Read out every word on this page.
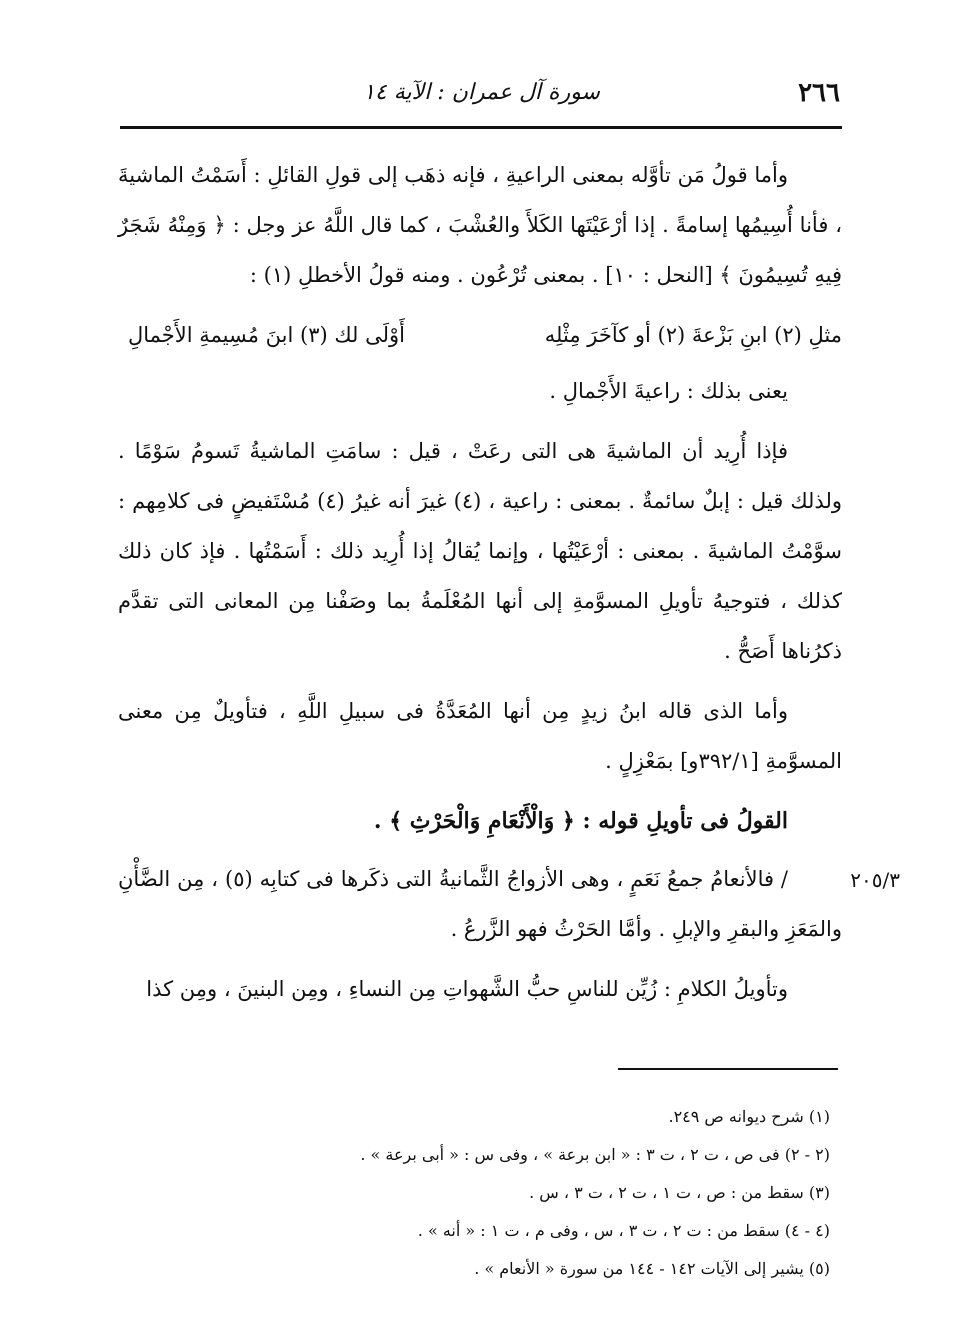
٢٦٦
سورة آل عمران : الآية ١٤

وأما قولُ مَن تأوَّله بمعنى الراعيةِ ، فإنه ذهَب إلى قولِ القائلِ : أَسَمْتُ الماشيةَ ، فأنا أُسِيمُها إسامةً . إذا أرْعَيْتَها الكَلأَ والعُشْبَ ، كما قال اللَّهُ عز وجل : ﴿ وَمِنْهُ شَجَرٌ فِيهِ تُسِيمُونَ ﴾ [النحل : ١٠] . بمعنى تُرْعُون . ومنه قولُ الأخطلِ (١) :

مثلِ (٢) ابنِ بَزْعةَ (٢) أو كآخَرَ مِثْلِه
أَوْلَى لك (٣) ابنَ مُسِيمةِ الأَجْمالِ

يعنى بذلك : راعيةَ الأَجْمالِ .

فإذا أُرِيد أن الماشيةَ هى التى رعَتْ ، قيل : سامَتِ الماشيةُ تَسومُ سَوْمًا . ولذلك قيل : إبلٌ سائمةٌ . بمعنى : راعية ، (٤) غيرَ أنه غيرُ (٤) مُسْتَفيضٍ فى كلامِهم : سوَّمْتُ الماشيةَ . بمعنى : أرْعَيْتُها ، وإنما يُقالُ إذا أُرِيد ذلك : أَسَمْتُها . فإذ كان ذلك كذلك ، فتوجيهُ تأويلِ المسوَّمةِ إلى أنها المُعْلَمةُ بما وصَفْنا مِن المعانى التى تقدَّم ذكرُناها أَصَحُّ .

وأما الذى قاله ابنُ زيدٍ مِن أنها المُعَدَّةُ فى سبيلِ اللَّهِ ، فتأويلٌ مِن معنى المسوَّمةِ [٣٩٢/١و] بمَعْزِلٍ .

القولُ فى تأويلِ قوله : ﴿ وَالْأَنْعَامِ وَالْحَرْثِ ﴾ .

/ فالأنعامُ جمعُ نَعَمٍ ، وهى الأزواجُ الثَّمانيةُ التى ذكَرها فى كتابِه (٥) ، مِن الضَّأْنِ والمَعَزِ والبقرِ والإبلِ . وأمَّا الحَرْثُ فهو الزَّرعُ .

وتأويلُ الكلامِ : زُيِّن للناسِ حبُّ الشَّهواتِ مِن النساءِ ، ومِن البنينَ ، ومِن كذا

٢٠٥/٣

(١) شرح ديوانه ص ٢٤٩.

(٢ - ٢) فى ص ، ت ٢ ، ت ٣ : « ابن برعة » ، وفى س : « أبى برعة » .

(٣) سقط من : ص ، ت ١ ، ت ٢ ، ت ٣ ، س .

(٤ - ٤) سقط من : ت ٢ ، ت ٣ ، س ، وفى م ، ت ١ : « أنه » .

(٥) يشير إلى الآيات ١٤٢ - ١٤٤ من سورة « الأنعام » .
